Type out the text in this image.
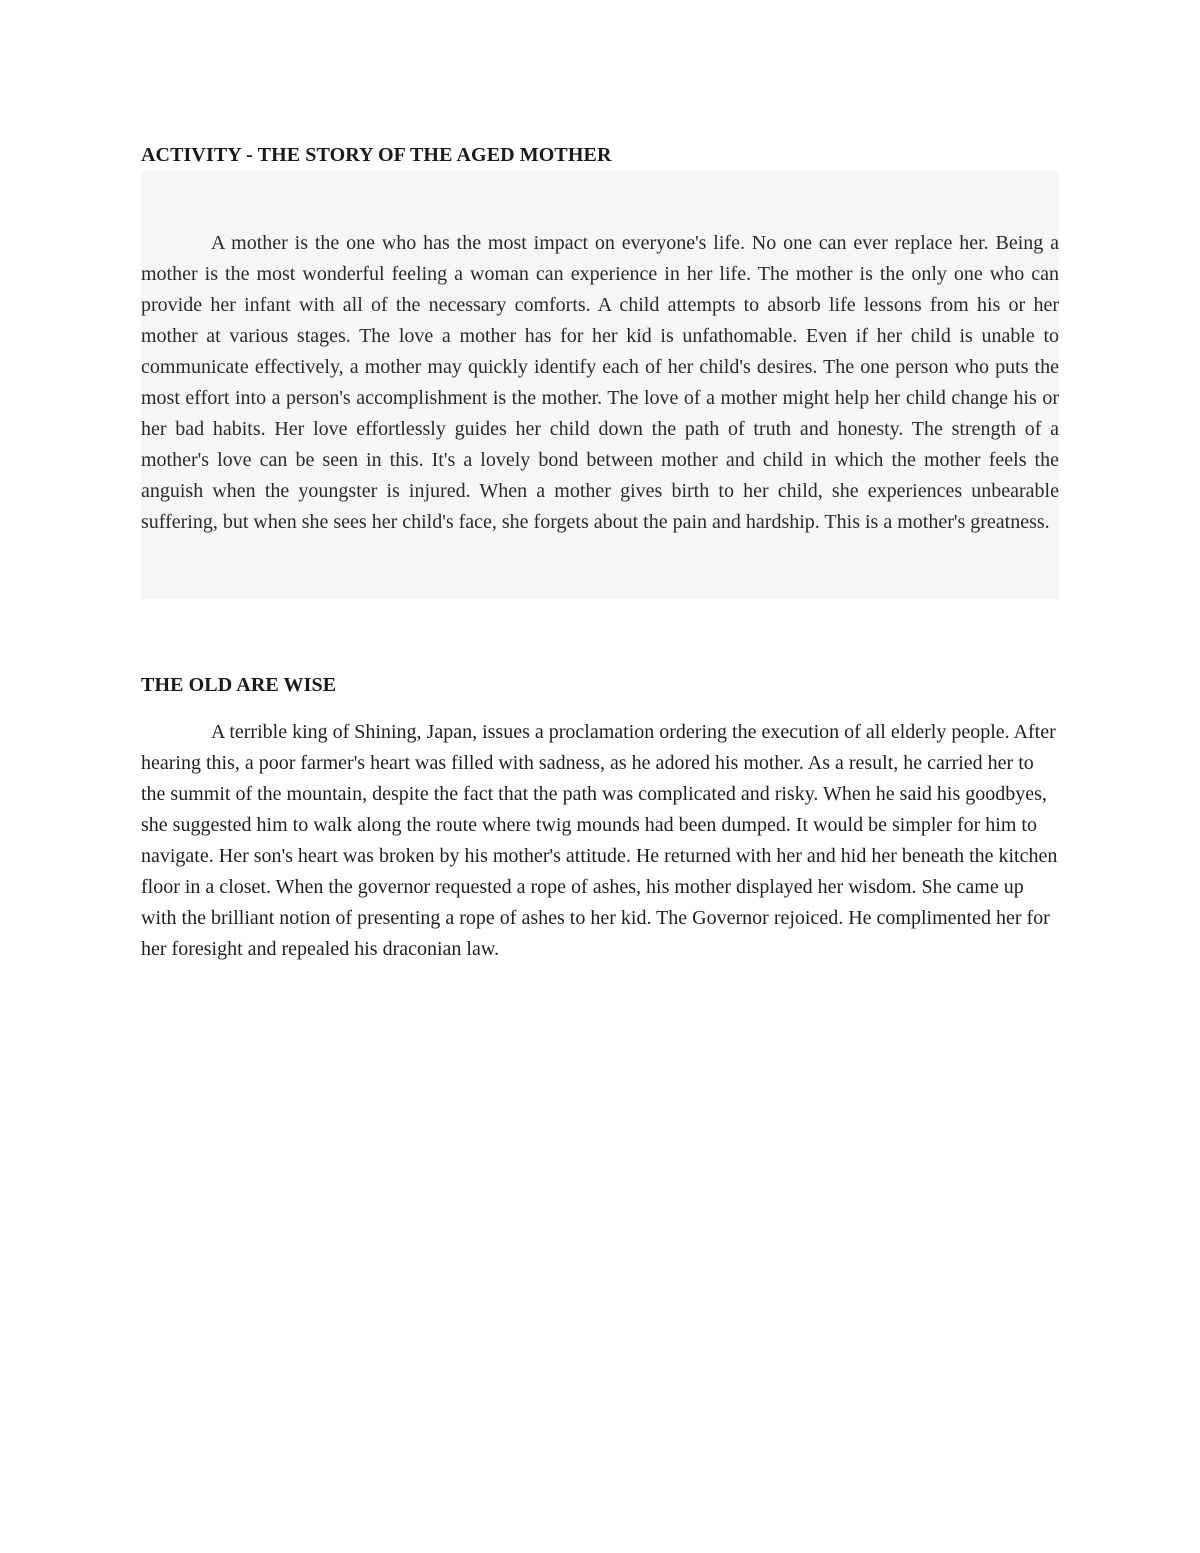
ACTIVITY - THE STORY OF THE AGED MOTHER

A mother is the one who has the most impact on everyone's life. No one can ever replace her. Being a mother is the most wonderful feeling a woman can experience in her life. The mother is the only one who can provide her infant with all of the necessary comforts. A child attempts to absorb life lessons from his or her mother at various stages. The love a mother has for her kid is unfathomable. Even if her child is unable to communicate effectively, a mother may quickly identify each of her child's desires. The one person who puts the most effort into a person's accomplishment is the mother. The love of a mother might help her child change his or her bad habits. Her love effortlessly guides her child down the path of truth and honesty. The strength of a mother's love can be seen in this. It's a lovely bond between mother and child in which the mother feels the anguish when the youngster is injured. When a mother gives birth to her child, she experiences unbearable suffering, but when she sees her child's face, she forgets about the pain and hardship. This is a mother's greatness.

THE OLD ARE WISE

A terrible king of Shining, Japan, issues a proclamation ordering the execution of all elderly people. After hearing this, a poor farmer's heart was filled with sadness, as he adored his mother. As a result, he carried her to the summit of the mountain, despite the fact that the path was complicated and risky. When he said his goodbyes, she suggested him to walk along the route where twig mounds had been dumped. It would be simpler for him to navigate. Her son's heart was broken by his mother's attitude. He returned with her and hid her beneath the kitchen floor in a closet. When the governor requested a rope of ashes, his mother displayed her wisdom. She came up with the brilliant notion of presenting a rope of ashes to her kid. The Governor rejoiced. He complimented her for her foresight and repealed his draconian law.
